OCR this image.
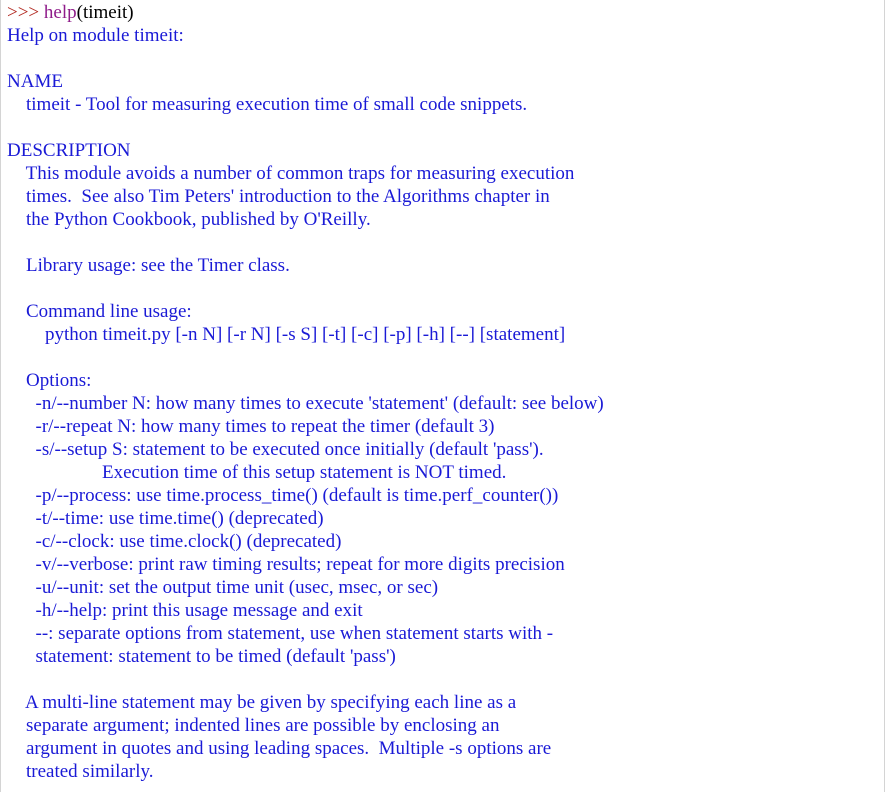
>>> help(timeit)
Help on module timeit:
NAME
timeit - Tool for measuring execution time of small code snippets.
DESCRIPTION
This module avoids a number of common traps for measuring execution
times.  See also Tim Peters' introduction to the Algorithms chapter in
the Python Cookbook, published by O'Reilly.
Library usage: see the Timer class.
Command line usage:
python timeit.py [-n N] [-r N] [-s S] [-t] [-c] [-p] [-h] [--] [statement]
Options:
-n/--number N: how many times to execute 'statement' (default: see below)
-r/--repeat N: how many times to repeat the timer (default 3)
-s/--setup S: statement to be executed once initially (default 'pass').
Execution time of this setup statement is NOT timed.
-p/--process: use time.process_time() (default is time.perf_counter())
-t/--time: use time.time() (deprecated)
-c/--clock: use time.clock() (deprecated)
-v/--verbose: print raw timing results; repeat for more digits precision
-u/--unit: set the output time unit (usec, msec, or sec)
-h/--help: print this usage message and exit
--: separate options from statement, use when statement starts with -
statement: statement to be timed (default 'pass')
A multi-line statement may be given by specifying each line as a
separate argument; indented lines are possible by enclosing an
argument in quotes and using leading spaces.  Multiple -s options are
treated similarly.
